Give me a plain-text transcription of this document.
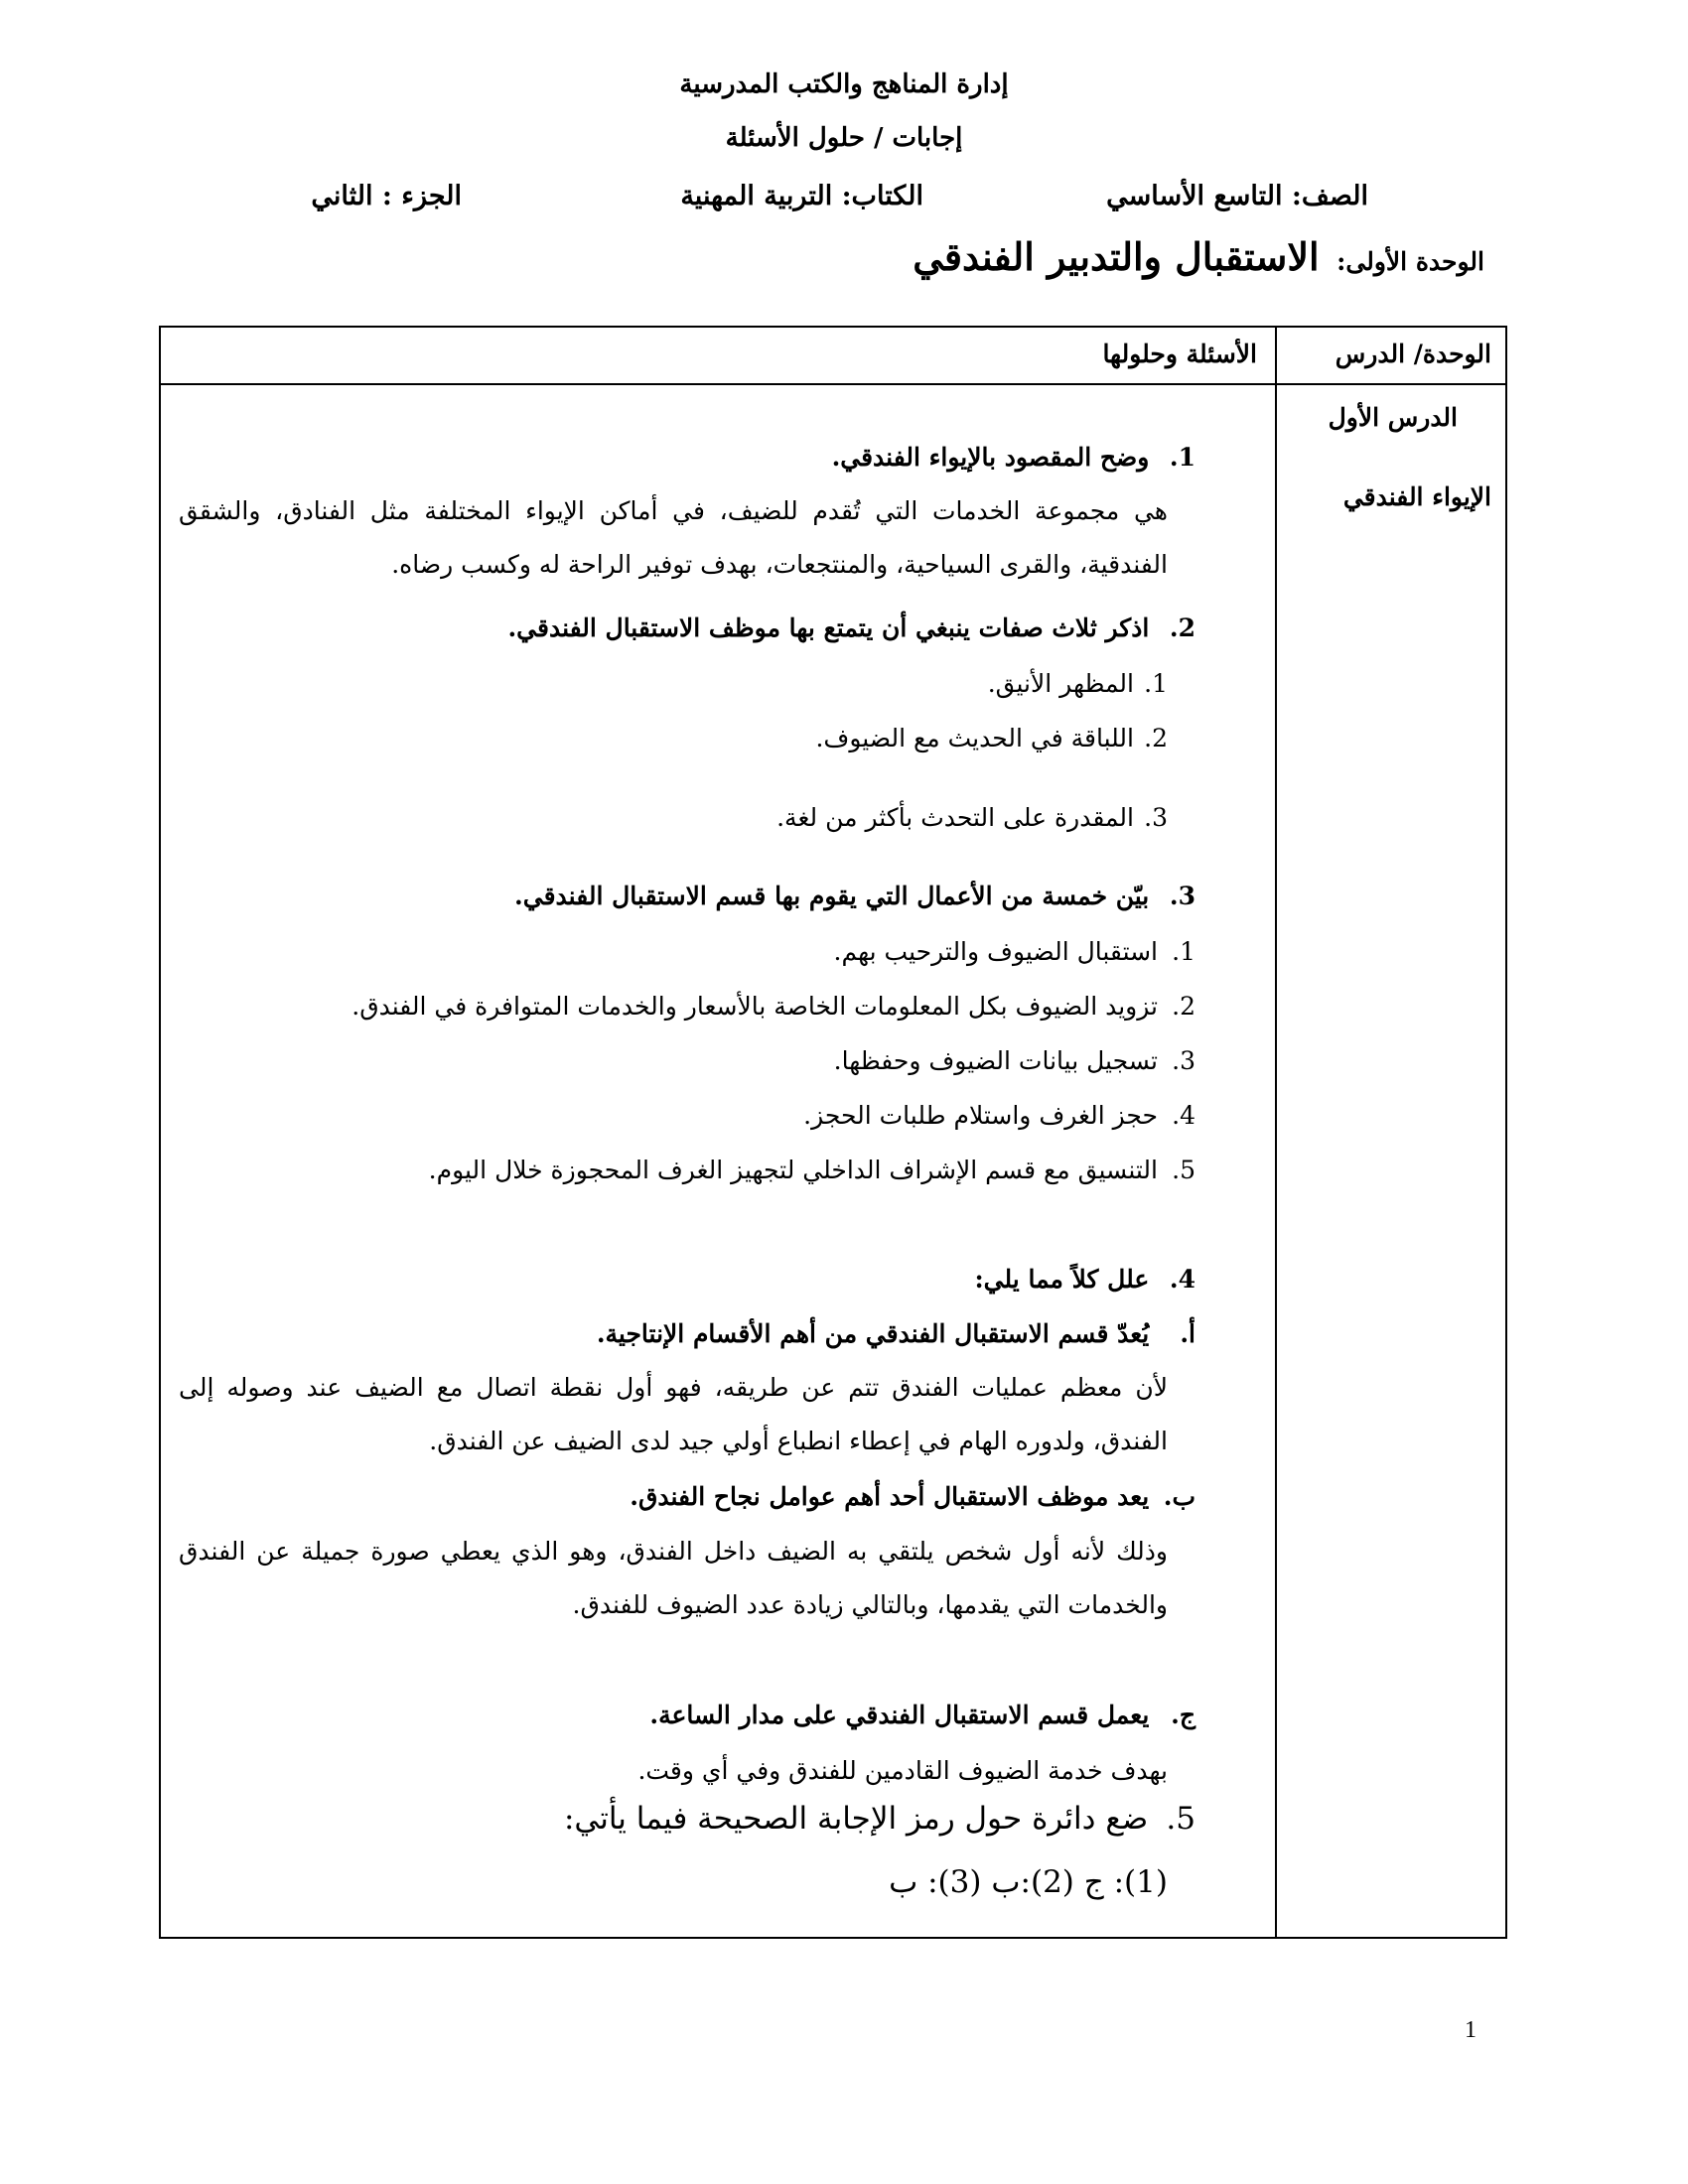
إدارة المناهج والكتب المدرسية
إجابات / حلول الأسئلة
الصف: التاسع الأساسي
الكتاب: التربية المهنية
الجزء : الثاني
الوحدة الأولى: الاستقبال والتدبير الفندقي
الوحدة/ الدرس
الأسئلة وحلولها
الدرس الأول
الإيواء الفندقي
1. وضح المقصود بالإيواء الفندقي.
هي مجموعة الخدمات التي تُقدم للضيف، في أماكن الإيواء المختلفة مثل الفنادق، والشقق
الفندقية، والقرى السياحية، والمنتجعات، بهدف توفير الراحة له وكسب رضاه.
2. اذكر ثلاث صفات ينبغي أن يتمتع بها موظف الاستقبال الفندقي.
1.المظهر الأنيق.
2.اللباقة في الحديث مع الضيوف.
3.المقدرة على التحدث بأكثر من لغة.
3. بيّن خمسة من الأعمال التي يقوم بها قسم الاستقبال الفندقي.
1.استقبال الضيوف والترحيب بهم.
2.تزويد الضيوف بكل المعلومات الخاصة بالأسعار والخدمات المتوافرة في الفندق.
3.تسجيل بيانات الضيوف وحفظها.
4.حجز الغرف واستلام طلبات الحجز.
5.التنسيق مع قسم الإشراف الداخلي لتجهيز الغرف المحجوزة خلال اليوم.
4. علل كلاً مما يلي:
أ. يُعدّ قسم الاستقبال الفندقي من أهم الأقسام الإنتاجية.
لأن معظم عمليات الفندق تتم عن طريقه، فهو أول نقطة اتصال مع الضيف عند وصوله إلى
الفندق، ولدوره الهام في إعطاء انطباع أولي جيد لدى الضيف عن الفندق.
ب. يعد موظف الاستقبال أحد أهم عوامل نجاح الفندق.
وذلك لأنه أول شخص يلتقي به الضيف داخل الفندق، وهو الذي يعطي صورة جميلة عن الفندق
والخدمات التي يقدمها، وبالتالي زيادة عدد الضيوف للفندق.
ج. يعمل قسم الاستقبال الفندقي على مدار الساعة.
بهدف خدمة الضيوف القادمين للفندق وفي أي وقت.
5. ضع دائرة حول رمز الإجابة الصحيحة فيما يأتي:
(1): ج (2):ب (3): ب
1
